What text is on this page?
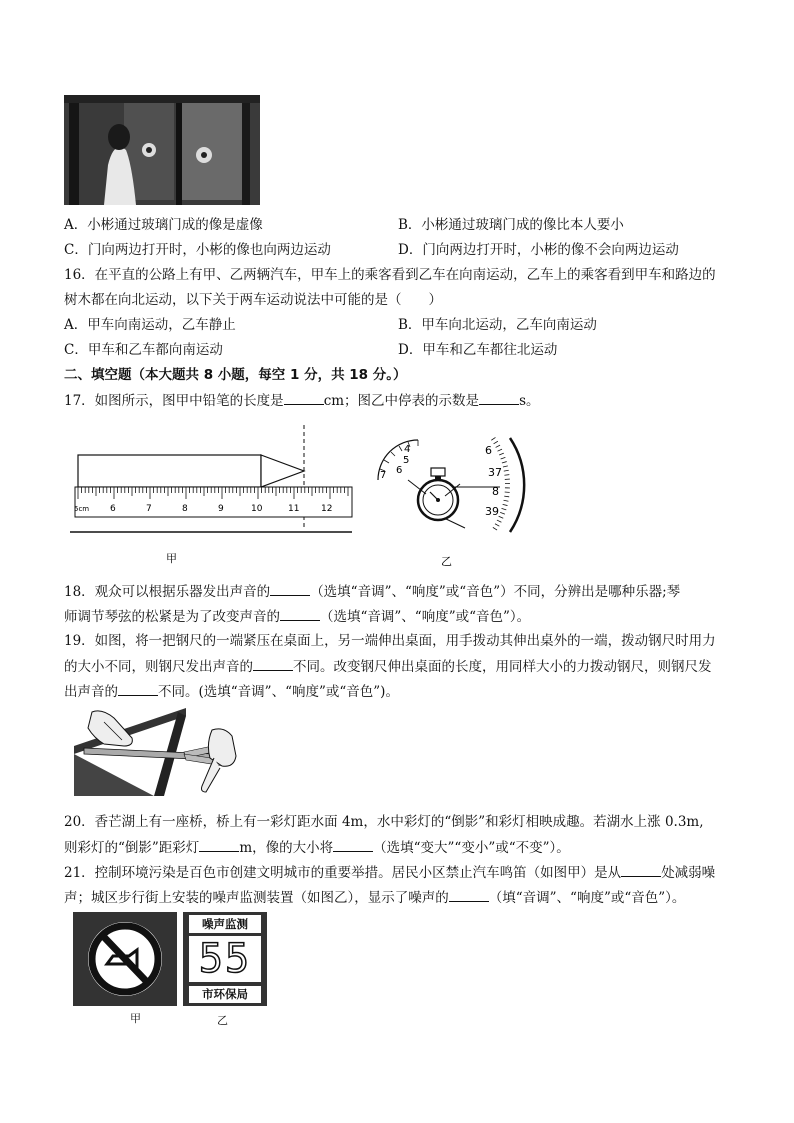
A．小彬通过玻璃门成的像是虚像	B．小彬通过玻璃门成的像比本人要小
C．门向两边打开时，小彬的像也向两边运动	D．门向两边打开时，小彬的像不会向两边运动
16．在平直的公路上有甲、乙两辆汽车，甲车上的乘客看到乙车在向南运动，乙车上的乘客看到甲车和路边的
树木都在向北运动，以下关于两车运动说法中可能的是（　　）
A．甲车向南运动，乙车静止	B．甲车向北运动，乙车向南运动
C．甲车和乙车都向南运动	D．甲车和乙车都往北运动
二、填空题（本大题共 8 小题，每空 1 分，共 18 分。）
17．如图所示，图甲中铅笔的长度是	cm；图乙中停表的示数是	s。
5cm 6	7	8	9	10	11 12
甲
4
5
6
7
6
37
8
39
乙
18．观众可以根据乐器发出声音的	（选填“音调”、“响度”或“音色”）不同，分辨出是哪种乐器;琴
师调节琴弦的松紧是为了改变声音的	（选填“音调”、“响度”或“音色”）。
19．如图，将一把钢尺的一端紧压在桌面上，另一端伸出桌面，用手拨动其伸出桌外的一端，拨动钢尺时用力
的大小不同，则钢尺发出声音的	不同。改变钢尺伸出桌面的长度，用同样大小的力拨动钢尺，则钢尺发
出声音的	不同。(选填“音调”、“响度”或“音色”)。
20．香芒湖上有一座桥，桥上有一彩灯距水面 4m，水中彩灯的“倒影”和彩灯相映成趣。若湖水上涨 0.3m,
则彩灯的“倒影”距彩灯	m，像的大小将	（选填“变大”“变小”或“不变”）。
21．控制环境污染是百色市创建文明城市的重要举措。居民小区禁止汽车鸣笛（如图甲）是从	处减弱噪
声；城区步行街上安装的噪声监测装置（如图乙），显示了噪声的	（填“音调”、“响度”或“音色”）。
甲
噪声监测
55
市环保局
乙
